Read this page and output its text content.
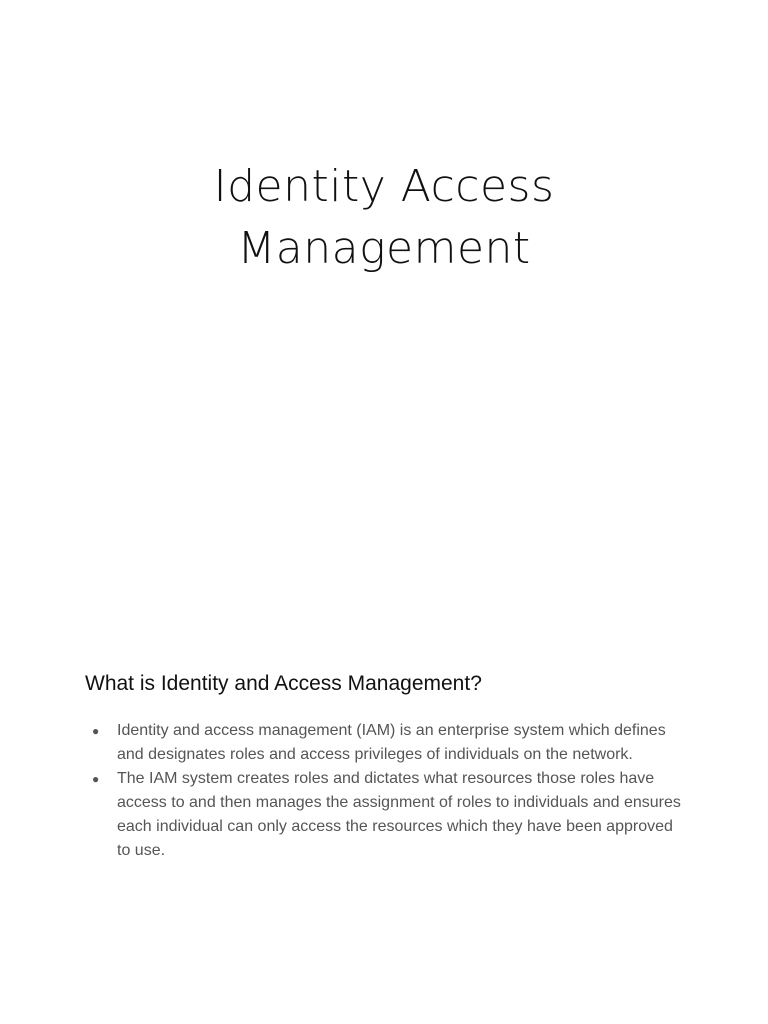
Identity Access
Management
What is Identity and Access Management?
● Identity and access management (IAM) is an enterprise system which defines and designates roles and access privileges of individuals on the network.
● The IAM system creates roles and dictates what resources those roles have access to and then manages the assignment of roles to individuals and ensures each individual can only access the resources which they have been approved to use.
